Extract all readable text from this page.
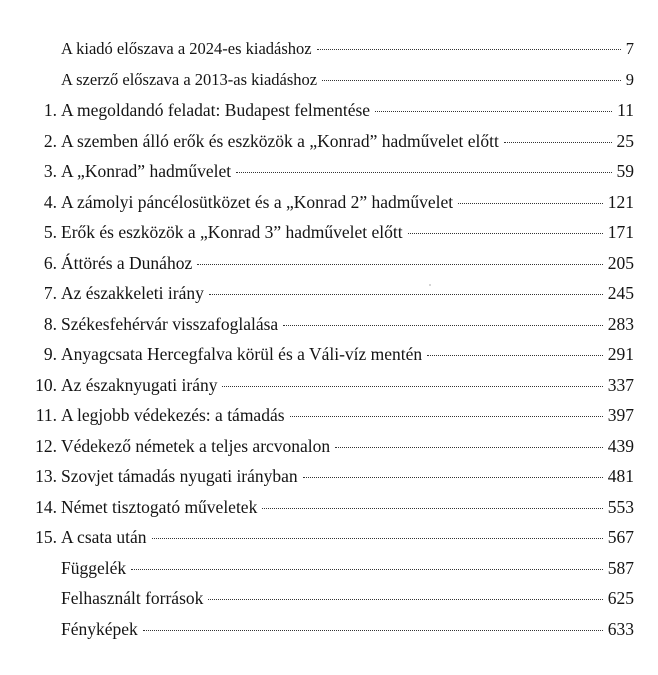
A kiadó előszava a 2024-es kiadáshoz	7
A szerző előszava a 2013-as kiadáshoz	9
1. A megoldandó feladat: Budapest felmentése	11
2. A szemben álló erők és eszközök a „Konrad” hadművelet előtt	25
3. A „Konrad” hadművelet	59
4. A zámolyi páncélosütközet és a „Konrad 2” hadművelet	121
5. Erők és eszközök a „Konrad 3” hadművelet előtt	171
6. Áttörés a Dunához	205
7. Az északkeleti irány	245
8. Székesfehérvár visszafoglalása	283
9. Anyagcsata Hercegfalva körül és a Váli-víz mentén	291
10. Az északnyugati irány	337
11. A legjobb védekezés: a támadás	397
12. Védekező németek a teljes arcvonalon	439
13. Szovjet támadás nyugati irányban	481
14. Német tisztogató műveletek	553
15. A csata után	567
Függelék	587
Felhasznált források	625
Fényképek	633
